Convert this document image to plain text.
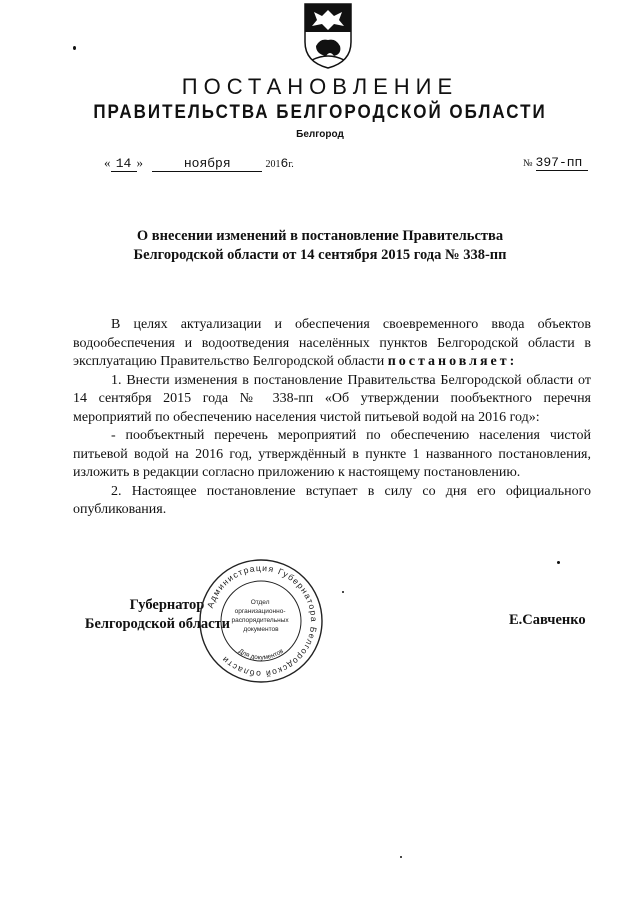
ПОСТАНОВЛЕНИЕ
ПРАВИТЕЛЬСТВА БЕЛГОРОДСКОЙ ОБЛАСТИ
Белгород
« 14 »	ноября	2016г.	№ 397-пп
О внесении изменений в постановление Правительства
Белгородской области от 14 сентября 2015 года № 338-пп

В целях актуализации и обеспечения своевременного ввода объектов водообеспечения и водоотведения населённых пунктов Белгородской области в эксплуатацию Правительство Белгородской области постановляет:

1. Внести изменения в постановление Правительства Белгородской области от 14 сентября 2015 года № 338-пп «Об утверждении пообъектного перечня мероприятий по обеспечению населения чистой питьевой водой на 2016 год»:

- пообъектный перечень мероприятий по обеспечению населения чистой питьевой водой на 2016 год, утверждённый в пункте 1 названного постановления, изложить в редакции согласно приложению к настоящему постановлению.

2. Настоящее постановление вступает в силу со дня его официального опубликования.

Губернатор
Белгородской области	Е.Савченко
Администрация Губернатора Белгородской области
Отдел организационно- распорядительных документов
Для документов
